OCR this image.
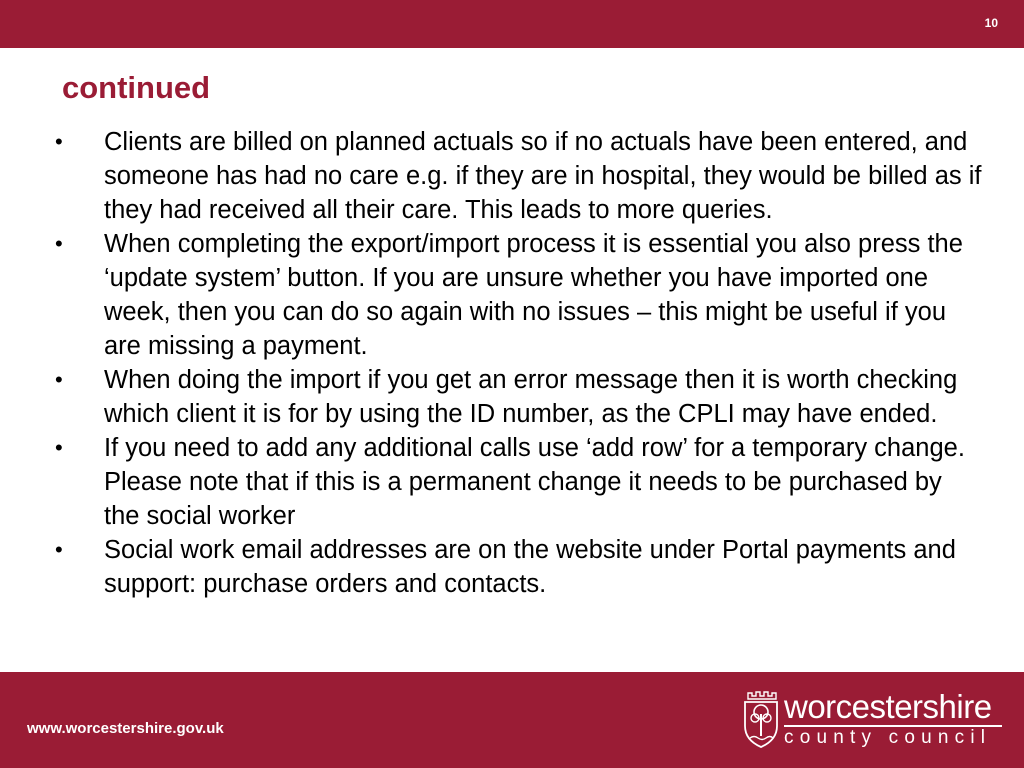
10
continued
• Clients are billed on planned actuals so if no actuals have been entered, and someone has had no care e.g. if they are in hospital, they would be billed as if they had received all their care. This leads to more queries.
• When completing the export/import process it is essential you also press the ‘update system’ button. If you are unsure whether you have imported one week, then you can do so again with no issues – this might be useful if you are missing a payment.
• When doing the import if you get an error message then it is worth checking which client it is for by using the ID number, as the CPLI may have ended.
• If you need to add any additional calls use ‘add row’ for a temporary change. Please note that if this is a permanent change it needs to be purchased by the social worker
• Social work email addresses are on the website under Portal payments and support: purchase orders and contacts.
www.worcestershire.gov.uk
worcestershire
county council
